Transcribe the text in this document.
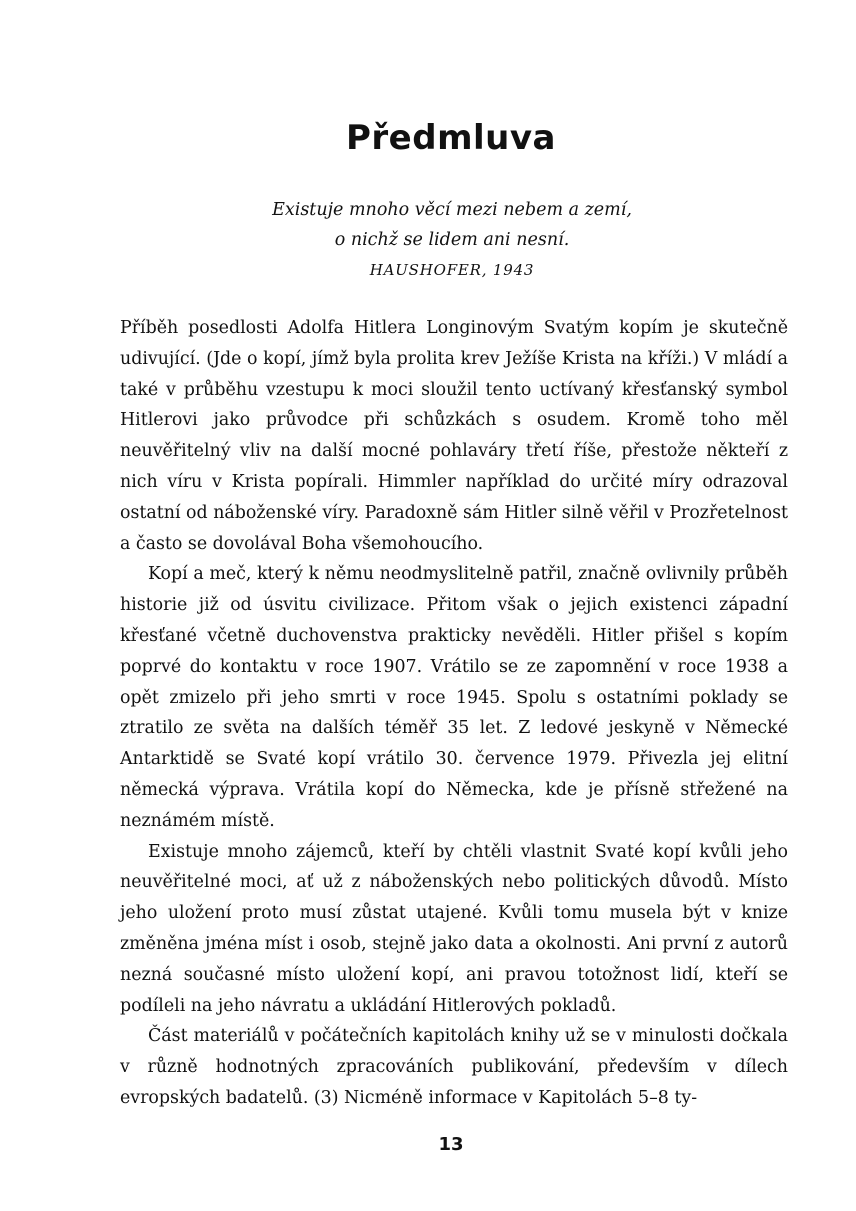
Předmluva
Existuje mnoho věcí mezi nebem a zemí,
o nichž se lidem ani nesní.
HAUSHOFER, 1943

Příběh posedlosti Adolfa Hitlera Longinovým Svatým kopím je skutečně udivující. (Jde o kopí, jímž byla prolita krev Ježíše Krista na kříži.) V mládí a také v průběhu vzestupu k moci sloužil tento uctívaný křesťanský symbol Hitlerovi jako průvodce při schůzkách s osudem. Kromě toho měl neuvěřitelný vliv na další mocné pohlaváry třetí říše, přestože někteří z nich víru v Krista popírali. Himmler například do určité míry odrazoval ostatní od náboženské víry. Paradoxně sám Hitler silně věřil v Prozřetelnost a často se dovolával Boha všemohoucího.

Kopí a meč, který k němu neodmyslitelně patřil, značně ovlivnily průběh historie již od úsvitu civilizace. Přitom však o jejich existenci západní křesťané včetně duchovenstva prakticky nevěděli. Hitler přišel s kopím poprvé do kontaktu v roce 1907. Vrátilo se ze zapomnění v roce 1938 a opět zmizelo při jeho smrti v roce 1945. Spolu s ostatními poklady se ztratilo ze světa na dalších téměř 35 let. Z ledové jeskyně v Německé Antarktidě se Svaté kopí vrátilo 30. července 1979. Přivezla jej elitní německá výprava. Vrátila kopí do Německa, kde je přísně střežené na neznámém místě.

Existuje mnoho zájemců, kteří by chtěli vlastnit Svaté kopí kvůli jeho neuvěřitelné moci, ať už z náboženských nebo politických důvodů. Místo jeho uložení proto musí zůstat utajené. Kvůli tomu musela být v knize změněna jména míst i osob, stejně jako data a okolnosti. Ani první z autorů nezná současné místo uložení kopí, ani pravou totožnost lidí, kteří se podíleli na jeho návratu a ukládání Hitlerových pokladů.

Část materiálů v počátečních kapitolách knihy už se v minulosti dočkala v různě hodnotných zpracováních publikování, především v dílech evropských badatelů. (3) Nicméně informace v Kapitolách 5–8 ty-

13
